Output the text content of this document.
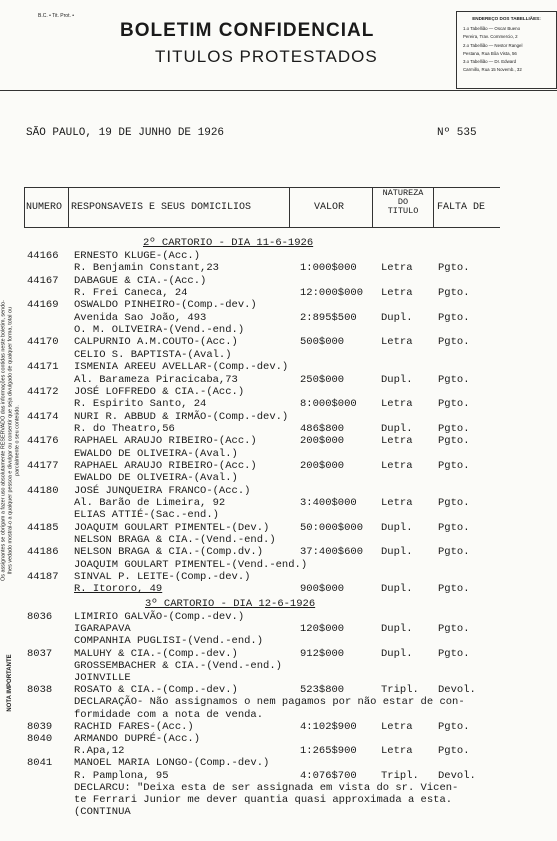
B.C. • Tit. Prot. •
BOLETIM CONFIDENCIAL
TITULOS PROTESTADOS
ENDEREÇO DOS TABELLIÃES:
1.o Tabellião — Oscar Bueno
Pereira, Trav. Commercio, 2
2.o Tabellião — Nestor Rangel
Pestana, Rua Bôa Vista, 56
3.o Tabellião — Dr. Edward
Carmillo, Rua 15 Novemb., 32
Os assignantes se obrigam a fazer uso absolutamente RESERVADO das informações contidas neste boletim, sendo-lhes vedado mostral-o a qualquer pessoa e divulgar ou consentir que seja divulgado de qualquer forma, total ou parcialmente o seu conteúdo.
NOTA IMPORTANTE
SÃO PAULO, 19 DE JUNHO DE 1926	Nº 535
NUMERO RESPONSAVEIS E SEUS DOMICILIOS	VALOR
NATUREZA
DO
TITULO	FALTA DE
2º CARTORIO - DIA 11-6-1926
3º CARTORIO - DIA 12-6-1926
44166 ERNESTO KLUGE-(Acc.)
R. Benjamin Constant,23	1:000$000 Letra Pgto.
44167 DABAGUE & CIA.-(Acc.)
R. Frei Caneca, 24	12:000$000 Letra Pgto.
44169 OSWALDO PINHEIRO-(Comp.-dev.)
Avenida Sao João, 493	2:895$500 Dupl. Pgto.
O. M. OLIVEIRA-(Vend.-end.)
44170 CALPURNIO A.M.COUTO-(Acc.)	500$000	Letra Pgto.
CELIO S. BAPTISTA-(Aval.)
44171 ISMENIA AREEU AVELLAR-(Comp.-dev.)
Al. Barameza Piracicaba,73	250$000	Dupl. Pgto.
44172 JOSÉ LOFFREDO & CIA.-(Acc.)
R. Espirito Santo, 24	8:000$000 Letra Pgto.
44174 NURI R. ABBUD & IRMÃO-(Comp.-dev.)
R. do Theatro,56	486$800	Dupl. Pgto.
44176 RAPHAEL ARAUJO RIBEIRO-(Acc.)	200$000	Letra Pgto.
EWALDO DE OLIVEIRA-(Aval.)
44177 RAPHAEL ARAUJO RIBEIRO-(Acc.)	200$000	Letra Pgto.
EWALDO DE OLIVEIRA-(Aval.)
44180 JOSÉ JUNQUEIRA FRANCO-(Acc.)
Al. Barão de Limeira, 92	3:400$000 Letra Pgto.
ELIAS ATTIÉ-(Sac.-end.)
44185 JOAQUIM GOULART PIMENTEL-(Dev.)	50:000$000 Dupl. Pgto.
NELSON BRAGA & CIA.-(Vend.-end.)
44186 NELSON BRAGA & CIA.-(Comp.dv.)	37:400$600 Dupl. Pgto.
JOAQUIM GOULART PIMENTEL-(Vend.-end.)
44187 SINVAL P. LEITE-(Comp.-dev.)
R. Itororo, 49	900$000	Dupl. Pgto.
8036 LIMIRIO GALVÃO-(Comp.-dev.)
IGARAPAVA	120$000	Dupl. Pgto.
COMPANHIA PUGLISI-(Vend.-end.)
8037 MALUHY & CIA.-(Comp.-dev.)	912$000	Dupl. Pgto.
GROSSEMBACHER & CIA.-(Vend.-end.)
JOINVILLE
8038 ROSATO & CIA.-(Comp.-dev.)	523$800	Tripl. Devol.
DECLARAÇÃO- Não assignamos o nem pagamos por não estar de con-
formidade com a nota de venda.
8039 RACHID FARES-(Acc.)	4:102$900 Letra Pgto.
8040 ARMANDO DUPRÉ-(Acc.)
R.Apa,12	1:265$900 Letra Pgto.
8041 MANOEL MARIA LONGO-(Comp.-dev.)
R. Pamplona, 95	4:076$700 Tripl. Devol.
DECLARCU: "Deixa esta de ser assignada em vista do sr. Vicen-
te Ferrari Junior me dever quantia quasi approximada a esta.
(CONTINUA
